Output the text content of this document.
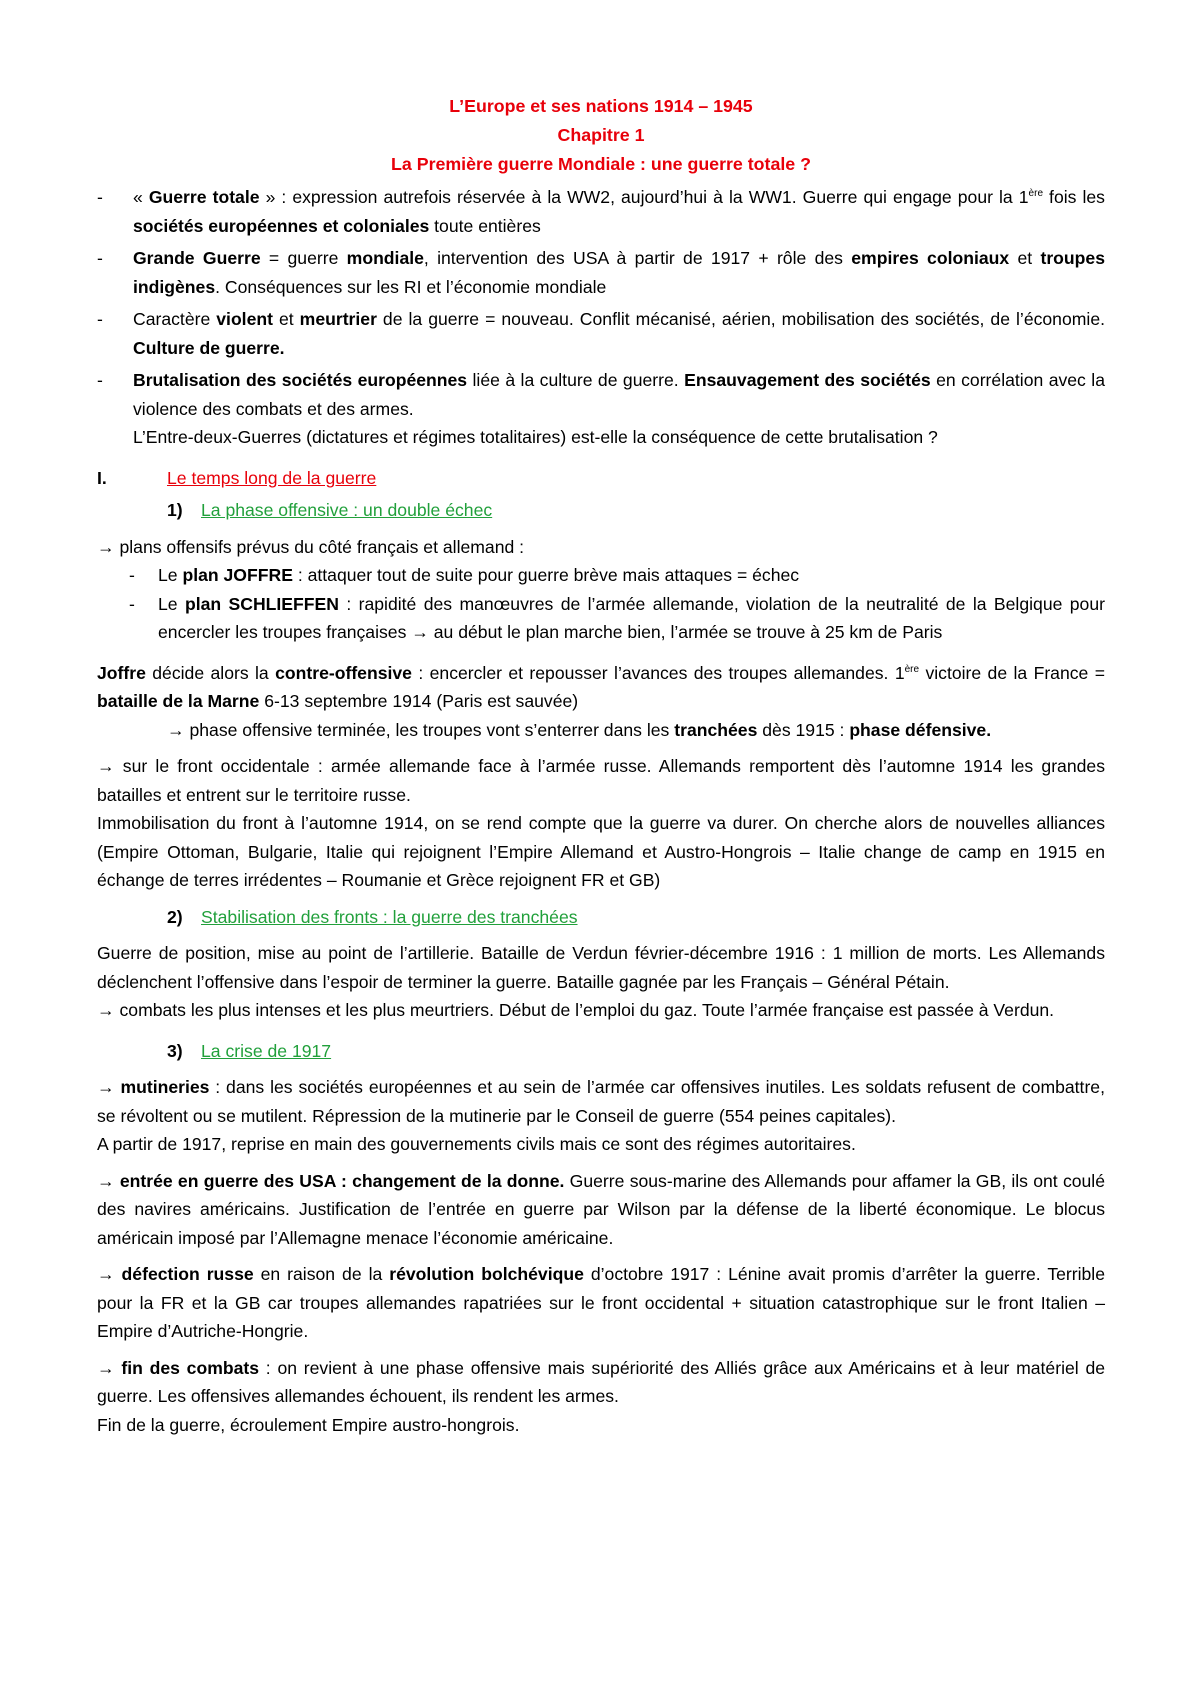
L’Europe et ses nations 1914 – 1945
Chapitre 1
La Première guerre Mondiale : une guerre totale ?
- « Guerre totale » : expression autrefois réservée à la WW2, aujourd’hui à la WW1. Guerre qui engage pour la 1ère fois les sociétés européennes et coloniales toute entières
- Grande Guerre = guerre mondiale, intervention des USA à partir de 1917 + rôle des empires coloniaux et troupes indigènes. Conséquences sur les RI et l’économie mondiale
- Caractère violent et meurtrier de la guerre = nouveau. Conflit mécanisé, aérien, mobilisation des sociétés, de l’économie. Culture de guerre.
- Brutalisation des sociétés européennes liée à la culture de guerre. Ensauvagement des sociétés en corrélation avec la violence des combats et des armes.
L’Entre-deux-Guerres (dictatures et régimes totalitaires) est-elle la conséquence de cette brutalisation ?
I.	Le temps long de la guerre
1)	La phase offensive : un double échec

→ plans offensifs prévus du côté français et allemand :

- Le plan JOFFRE : attaquer tout de suite pour guerre brève mais attaques = échec
- Le plan SCHLIEFFEN : rapidité des manœuvres de l’armée allemande, violation de la neutralité de la Belgique pour encercler les troupes françaises → au début le plan marche bien, l’armée se trouve à 25 km de Paris

Joffre décide alors la contre-offensive : encercler et repousser l’avances des troupes allemandes. 1ère victoire de la France = bataille de la Marne 6-13 septembre 1914 (Paris est sauvée)

→ phase offensive terminée, les troupes vont s’enterrer dans les tranchées dès 1915 : phase défensive.

→ sur le front occidentale : armée allemande face à l’armée russe. Allemands remportent dès l’automne 1914 les grandes batailles et entrent sur le territoire russe.

Immobilisation du front à l’automne 1914, on se rend compte que la guerre va durer. On cherche alors de nouvelles alliances (Empire Ottoman, Bulgarie, Italie qui rejoignent l’Empire Allemand et Austro-Hongrois – Italie change de camp en 1915 en échange de terres irrédentes – Roumanie et Grèce rejoignent FR et GB)

2)	Stabilisation des fronts : la guerre des tranchées

Guerre de position, mise au point de l’artillerie. Bataille de Verdun février-décembre 1916 : 1 million de morts. Les Allemands déclenchent l’offensive dans l’espoir de terminer la guerre. Bataille gagnée par les Français – Général Pétain.

→ combats les plus intenses et les plus meurtriers. Début de l’emploi du gaz. Toute l’armée française est passée à Verdun.

3)	La crise de 1917

→ mutineries : dans les sociétés européennes et au sein de l’armée car offensives inutiles. Les soldats refusent de combattre, se révoltent ou se mutilent. Répression de la mutinerie par le Conseil de guerre (554 peines capitales).

A partir de 1917, reprise en main des gouvernements civils mais ce sont des régimes autoritaires.

→ entrée en guerre des USA : changement de la donne. Guerre sous-marine des Allemands pour affamer la GB, ils ont coulé des navires américains. Justification de l’entrée en guerre par Wilson par la défense de la liberté économique. Le blocus américain imposé par l’Allemagne menace l’économie américaine.

→ défection russe en raison de la révolution bolchévique d’octobre 1917 : Lénine avait promis d’arrêter la guerre. Terrible pour la FR et la GB car troupes allemandes rapatriées sur le front occidental + situation catastrophique sur le front Italien – Empire d’Autriche-Hongrie.

→ fin des combats : on revient à une phase offensive mais supériorité des Alliés grâce aux Américains et à leur matériel de guerre. Les offensives allemandes échouent, ils rendent les armes.

Fin de la guerre, écroulement Empire austro-hongrois.
